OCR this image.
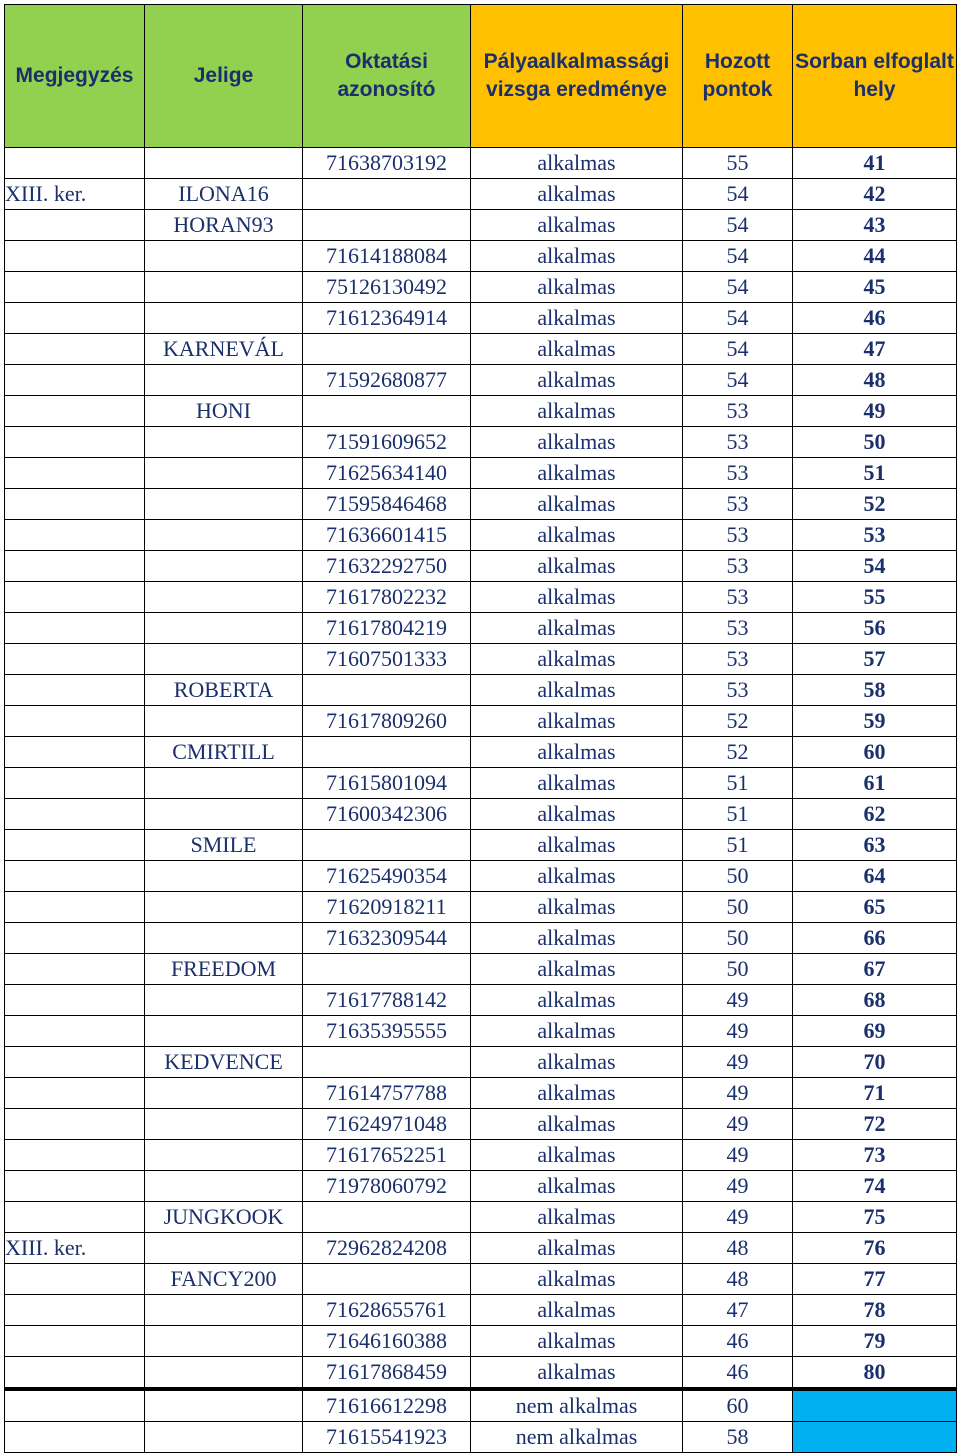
Megjegyzés	Jelige	Oktatási azonosító	Pályaalkalmassági vizsga eredménye	Hozott pontok	Sorban elfoglalt hely
		71638703192	alkalmas	55	41
XIII. ker.	ILONA16		alkalmas	54	42
	HORAN93		alkalmas	54	43
		71614188084	alkalmas	54	44
		75126130492	alkalmas	54	45
		71612364914	alkalmas	54	46
	KARNEVÁL		alkalmas	54	47
		71592680877	alkalmas	54	48
	HONI		alkalmas	53	49
		71591609652	alkalmas	53	50
		71625634140	alkalmas	53	51
		71595846468	alkalmas	53	52
		71636601415	alkalmas	53	53
		71632292750	alkalmas	53	54
		71617802232	alkalmas	53	55
		71617804219	alkalmas	53	56
		71607501333	alkalmas	53	57
	ROBERTA		alkalmas	53	58
		71617809260	alkalmas	52	59
	CMIRTILL		alkalmas	52	60
		71615801094	alkalmas	51	61
		71600342306	alkalmas	51	62
	SMILE		alkalmas	51	63
		71625490354	alkalmas	50	64
		71620918211	alkalmas	50	65
		71632309544	alkalmas	50	66
	FREEDOM		alkalmas	50	67
		71617788142	alkalmas	49	68
		71635395555	alkalmas	49	69
	KEDVENCE		alkalmas	49	70
		71614757788	alkalmas	49	71
		71624971048	alkalmas	49	72
		71617652251	alkalmas	49	73
		71978060792	alkalmas	49	74
	JUNGKOOK		alkalmas	49	75
XIII. ker.		72962824208	alkalmas	48	76
	FANCY200		alkalmas	48	77
		71628655761	alkalmas	47	78
		71646160388	alkalmas	46	79
		71617868459	alkalmas	46	80
		71616612298	nem alkalmas	60	
		71615541923	nem alkalmas	58	
